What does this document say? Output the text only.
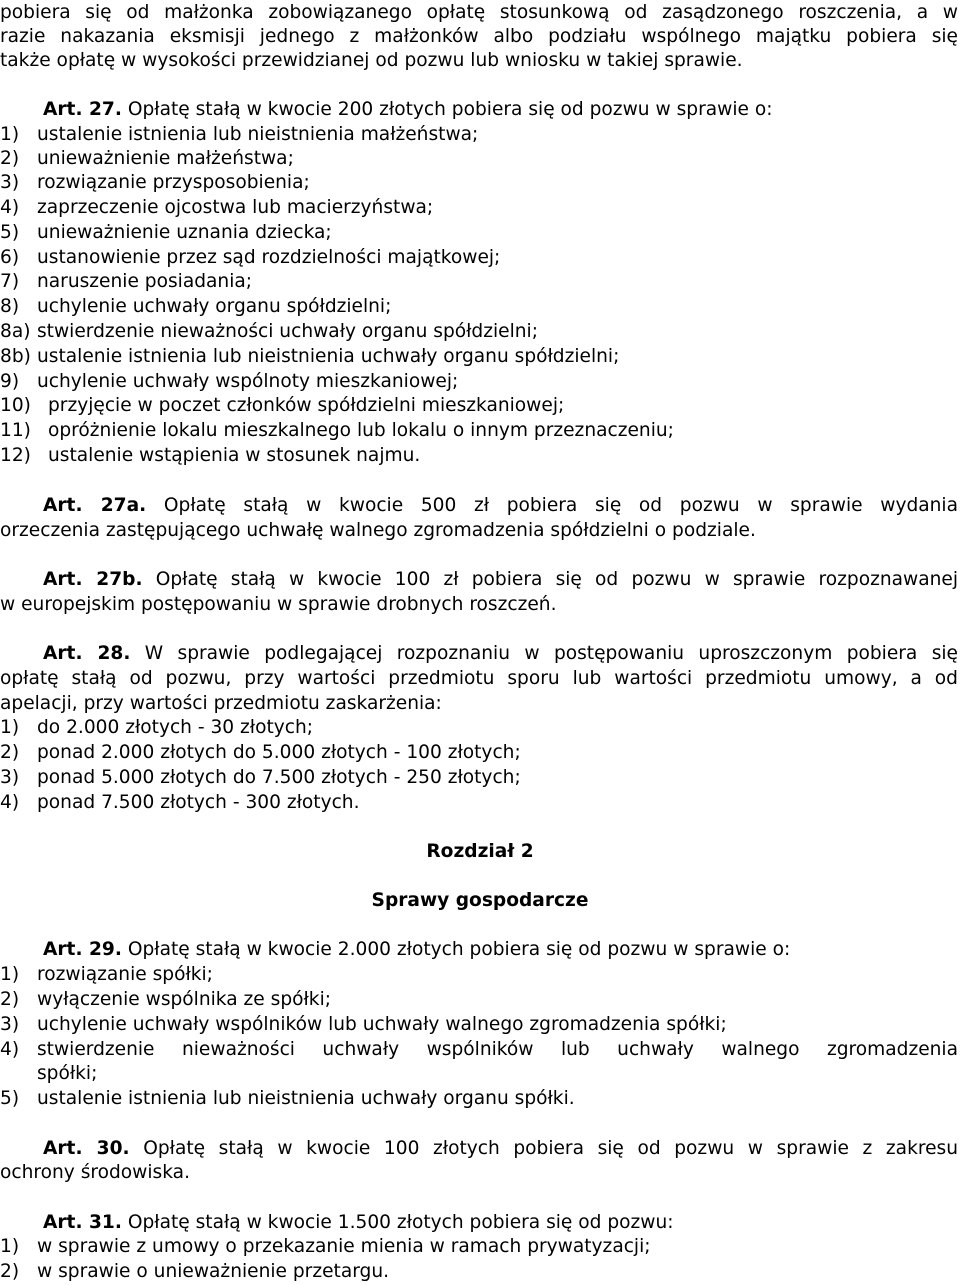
pobiera się od małżonka zobowiązanego opłatę stosunkową od zasądzonego roszczenia, a w
razie nakazania eksmisji jednego z małżonków albo podziału wspólnego majątku pobiera się
także opłatę w wysokości przewidzianej od pozwu lub wniosku w takiej sprawie.
Art. 27. Opłatę stałą w kwocie 200 złotych pobiera się od pozwu w sprawie o:
1) ustalenie istnienia lub nieistnienia małżeństwa;
2) unieważnienie małżeństwa;
3) rozwiązanie przysposobienia;
4) zaprzeczenie ojcostwa lub macierzyństwa;
5) unieważnienie uznania dziecka;
6) ustanowienie przez sąd rozdzielności majątkowej;
7) naruszenie posiadania;
8) uchylenie uchwały organu spółdzielni;
8a) stwierdzenie nieważności uchwały organu spółdzielni;
8b) ustalenie istnienia lub nieistnienia uchwały organu spółdzielni;
9) uchylenie uchwały wspólnoty mieszkaniowej;
10) przyjęcie w poczet członków spółdzielni mieszkaniowej;
11) opróżnienie lokalu mieszkalnego lub lokalu o innym przeznaczeniu;
12) ustalenie wstąpienia w stosunek najmu.
Art. 27a. Opłatę stałą w kwocie 500 zł pobiera się od pozwu w sprawie wydania
orzeczenia zastępującego uchwałę walnego zgromadzenia spółdzielni o podziale.
Art. 27b. Opłatę stałą w kwocie 100 zł pobiera się od pozwu w sprawie rozpoznawanej
w europejskim postępowaniu w sprawie drobnych roszczeń.
Art. 28. W sprawie podlegającej rozpoznaniu w postępowaniu uproszczonym pobiera się
opłatę stałą od pozwu, przy wartości przedmiotu sporu lub wartości przedmiotu umowy, a od
apelacji, przy wartości przedmiotu zaskarżenia:
1) do 2.000 złotych - 30 złotych;
2) ponad 2.000 złotych do 5.000 złotych - 100 złotych;
3) ponad 5.000 złotych do 7.500 złotych - 250 złotych;
4) ponad 7.500 złotych - 300 złotych.
Rozdział 2
Sprawy gospodarcze
Art. 29. Opłatę stałą w kwocie 2.000 złotych pobiera się od pozwu w sprawie o:
1) rozwiązanie spółki;
2) wyłączenie wspólnika ze spółki;
3) uchylenie uchwały wspólników lub uchwały walnego zgromadzenia spółki;
4) stwierdzenie nieważności uchwały wspólników lub uchwały walnego zgromadzenia
spółki;
5) ustalenie istnienia lub nieistnienia uchwały organu spółki.
Art. 30. Opłatę stałą w kwocie 100 złotych pobiera się od pozwu w sprawie z zakresu
ochrony środowiska.
Art. 31. Opłatę stałą w kwocie 1.500 złotych pobiera się od pozwu:
1) w sprawie z umowy o przekazanie mienia w ramach prywatyzacji;
2) w sprawie o unieważnienie przetargu.
